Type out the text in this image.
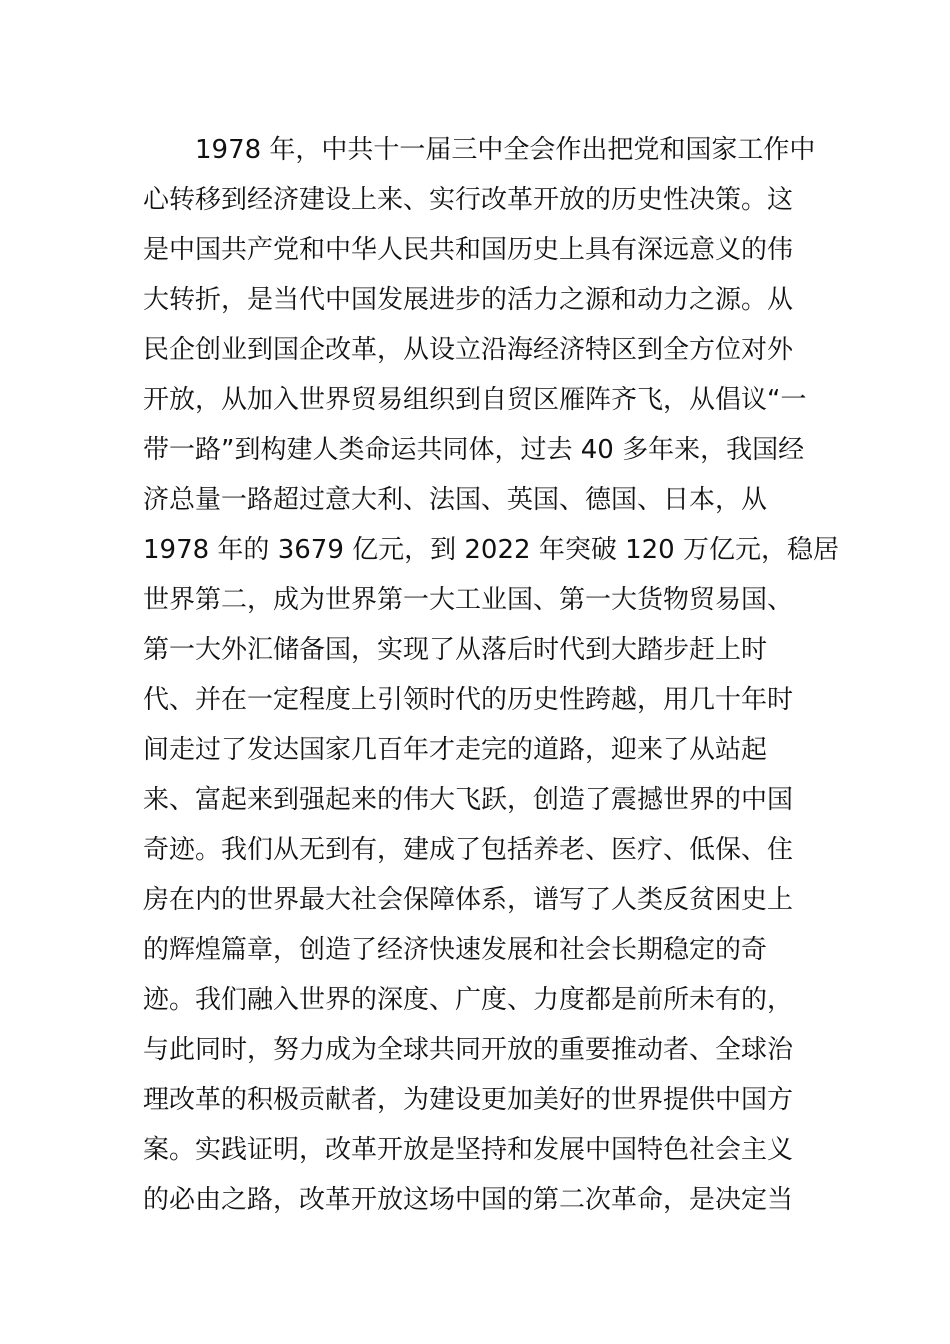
1978 年，中共十一届三中全会作出把党和国家工作中
心转移到经济建设上来、实行改革开放的历史性决策。这
是中国共产党和中华人民共和国历史上具有深远意义的伟
大转折，是当代中国发展进步的活力之源和动力之源。从
民企创业到国企改革，从设立沿海经济特区到全方位对外
开放，从加入世界贸易组织到自贸区雁阵齐飞，从倡议“一
带一路”到构建人类命运共同体，过去 40 多年来，我国经
济总量一路超过意大利、法国、英国、德国、日本，从
1978 年的 3679 亿元，到 2022 年突破 120 万亿元，稳居
世界第二，成为世界第一大工业国、第一大货物贸易国、
第一大外汇储备国，实现了从落后时代到大踏步赶上时
代、并在一定程度上引领时代的历史性跨越，用几十年时
间走过了发达国家几百年才走完的道路，迎来了从站起
来、富起来到强起来的伟大飞跃，创造了震撼世界的中国
奇迹。我们从无到有，建成了包括养老、医疗、低保、住
房在内的世界最大社会保障体系，谱写了人类反贫困史上
的辉煌篇章，创造了经济快速发展和社会长期稳定的奇
迹。我们融入世界的深度、广度、力度都是前所未有的，
与此同时，努力成为全球共同开放的重要推动者、全球治
理改革的积极贡献者，为建设更加美好的世界提供中国方
案。实践证明，改革开放是坚持和发展中国特色社会主义
的必由之路，改革开放这场中国的第二次革命，是决定当
